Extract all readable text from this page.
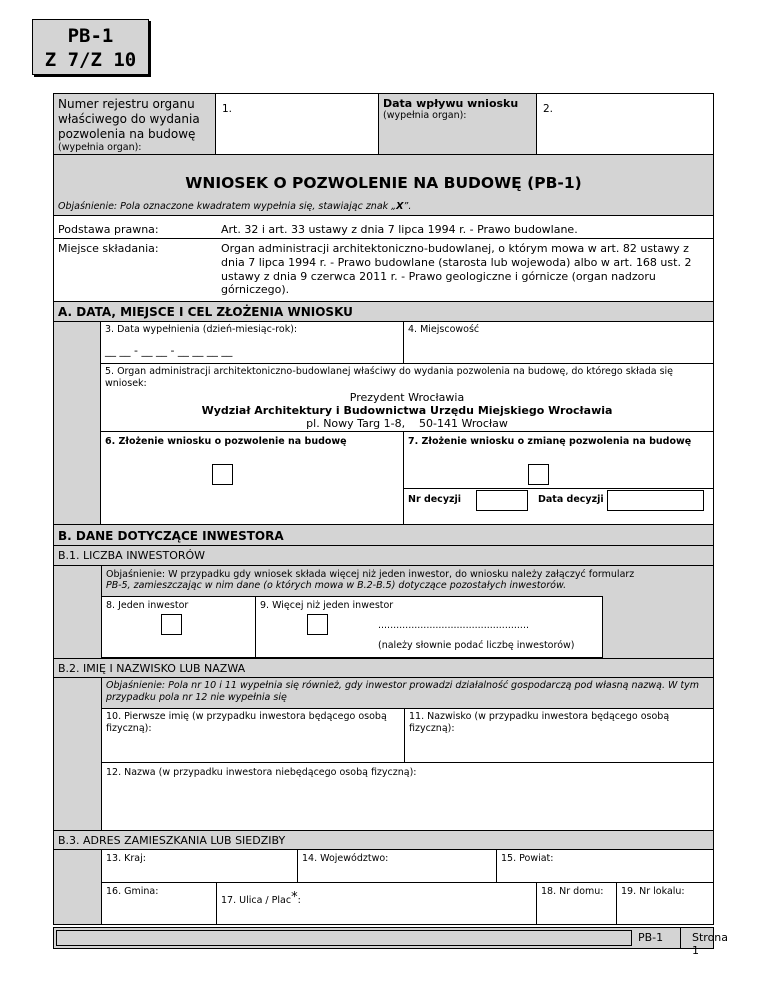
PB-1
Z 7/Z 10
Numer rejestru organu właściwego do wydania pozwolenia na budowę
(wypełnia organ):
1.	Data wpływu wniosku
(wypełnia organ):
2.
WNIOSEK O POZWOLENIE NA BUDOWĘ (PB-1)
Objaśnienie: Pola oznaczone kwadratem wypełnia się, stawiając znak „X”.
Podstawa prawna:	Art. 32 i art. 33 ustawy z dnia 7 lipca 1994 r. - Prawo budowlane.
Miejsce składania:	Organ administracji architektoniczno-budowlanej, o którym mowa w art. 82 ustawy z dnia 7 lipca 1994 r. - Prawo budowlane (starosta lub wojewoda) albo w art. 168 ust. 2 ustawy z dnia 9 czerwca 2011 r. - Prawo geologiczne i górnicze (organ nadzoru górniczego).
A. DATA, MIEJSCE I CEL ZŁOŻENIA WNIOSKU
3. Data wypełnienia (dzień-miesiąc-rok):
__ __ - __ __ - __ __ __ __
4. Miejscowość
5. Organ administracji architektoniczno-budowlanej właściwy do wydania pozwolenia na budowę, do którego składa się wniosek:
Prezydent Wrocławia
Wydział Architektury i Budownictwa Urzędu Miejskiego Wrocławia
pl. Nowy Targ 1-8,    50-141 Wrocław
6. Złożenie wniosku o pozwolenie na budowę	7. Złożenie wniosku o zmianę pozwolenia na budowę
Nr decyzji	Data decyzji
B. DANE DOTYCZĄCE INWESTORA
B.1. LICZBA INWESTORÓW
Objaśnienie: W przypadku gdy wniosek składa więcej niż jeden inwestor, do wniosku należy załączyć formularz
PB-5, zamieszczając w nim dane (o których mowa w B.2-B.5) dotyczące pozostałych inwestorów.
8. Jeden inwestor	9. Więcej niż jeden inwestor
..................................................
(należy słownie podać liczbę inwestorów)
B.2. IMIĘ I NAZWISKO LUB NAZWA
Objaśnienie: Pola nr 10 i 11 wypełnia się również, gdy inwestor prowadzi działalność gospodarczą pod własną nazwą. W tym przypadku pola nr 12 nie wypełnia się
10. Pierwsze imię (w przypadku inwestora będącego osobą fizyczną):
11. Nazwisko (w przypadku inwestora będącego osobą fizyczną):
12. Nazwa (w przypadku inwestora niebędącego osobą fizyczną):
B.3. ADRES ZAMIESZKANIA LUB SIEDZIBY
13. Kraj:	14. Województwo:	15. Powiat:
16. Gmina:
17. Ulica / Plac*:
18. Nr domu:	19. Nr lokalu:
PB-1	Strona 1
